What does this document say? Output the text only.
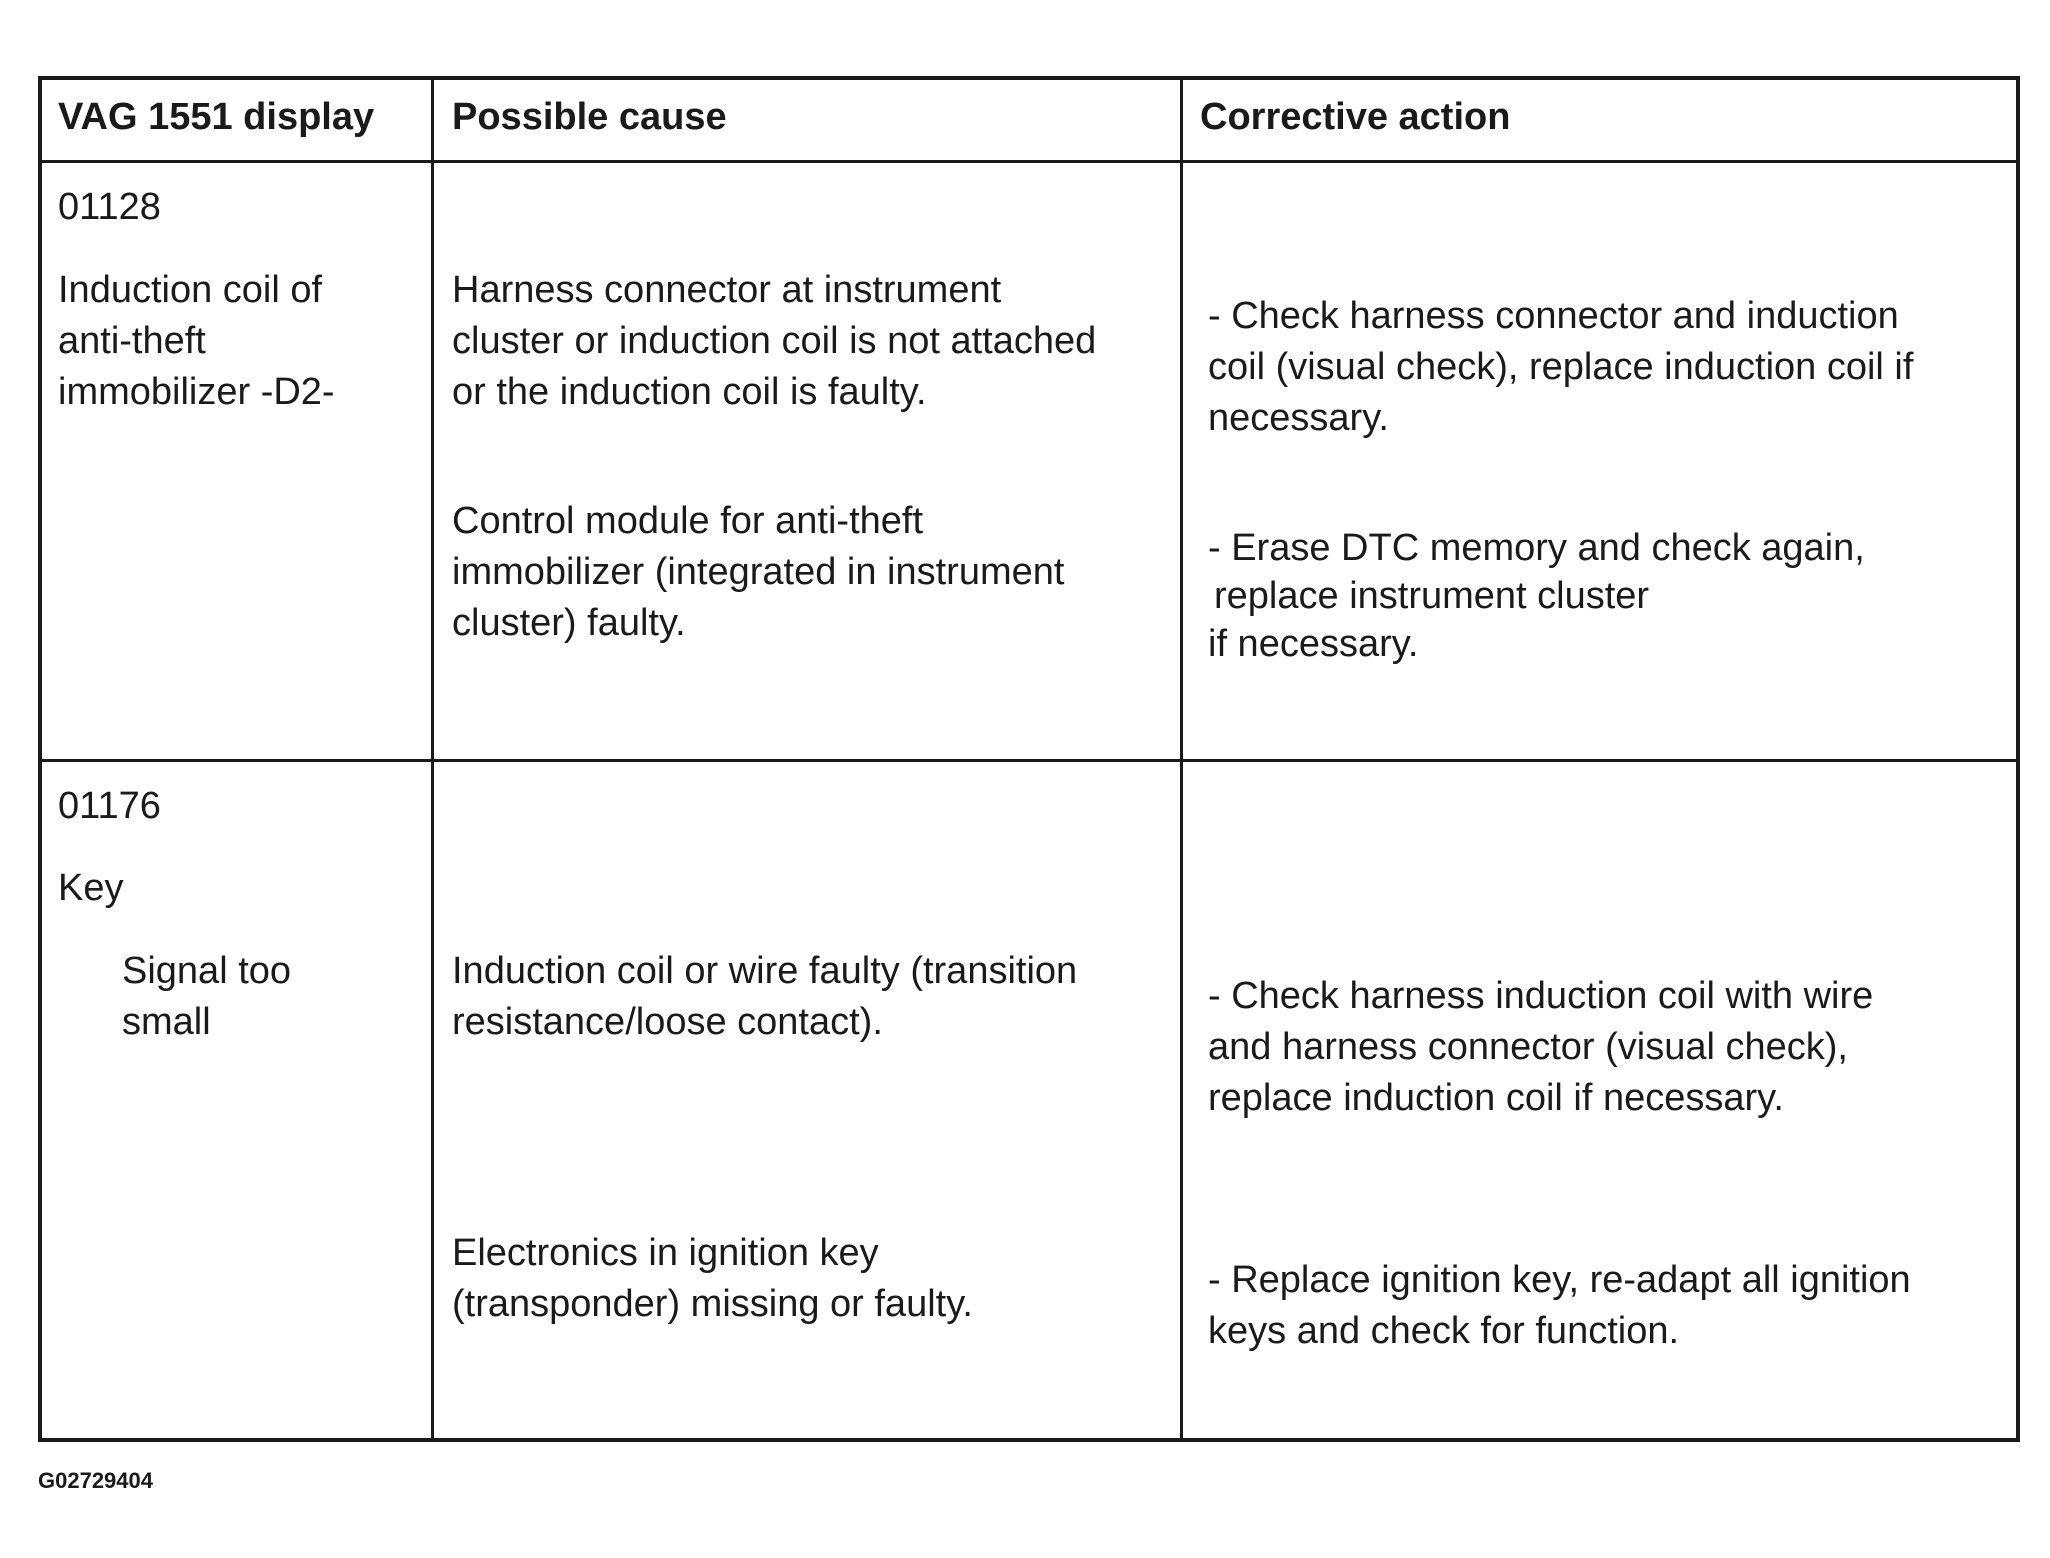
VAG 1551 display Possible cause	Corrective action
01128
Induction coil of
anti-theft
immobilizer -D2-
Harness connector at instrument
cluster or induction coil is not attached
or the induction coil is faulty.
Control module for anti-theft
immobilizer (integrated in instrument
cluster) faulty.
- Check harness connector and induction
coil (visual check), replace induction coil if
necessary.
- Erase DTC memory and check again,
replace instrument cluster
if necessary.
01176
Key
Signal too
small
Induction coil or wire faulty (transition
resistance/loose contact).
Electronics in ignition key
(transponder) missing or faulty.
- Check harness induction coil with wire
and harness connector (visual check),
replace induction coil if necessary.
- Replace ignition key, re-adapt all ignition
keys and check for function.
G02729404
